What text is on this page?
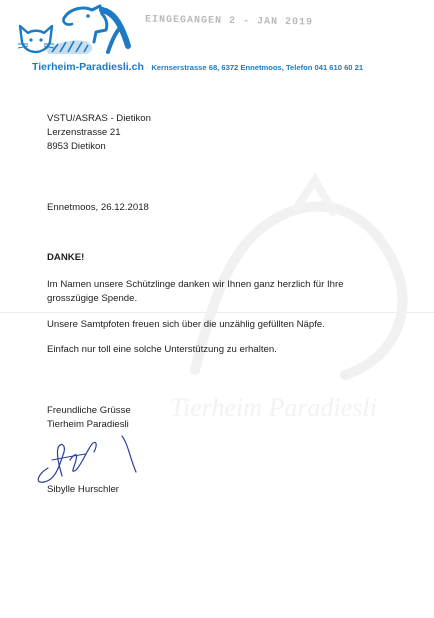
Tierheim Paradiesli
EINGEGANGEN 2 - JAN 2019
Tierheim-Paradiesli.ch Kernserstrasse 68, 6372 Ennetmoos, Telefon 041 610 60 21
VSTU/ASRAS - Dietikon
Lerzenstrasse 21
8953 Dietikon
Ennetmoos, 26.12.2018
DANKE!
Im Namen unsere Schützlinge danken wir Ihnen ganz herzlich für Ihre
grosszügige Spende.
Unsere Samtpfoten freuen sich über die unzählig gefüllten Näpfe.
Einfach nur toll eine solche Unterstützung zu erhalten.
Freundliche Grüsse
Tierheim Paradiesli
Sibylle Hurschler
